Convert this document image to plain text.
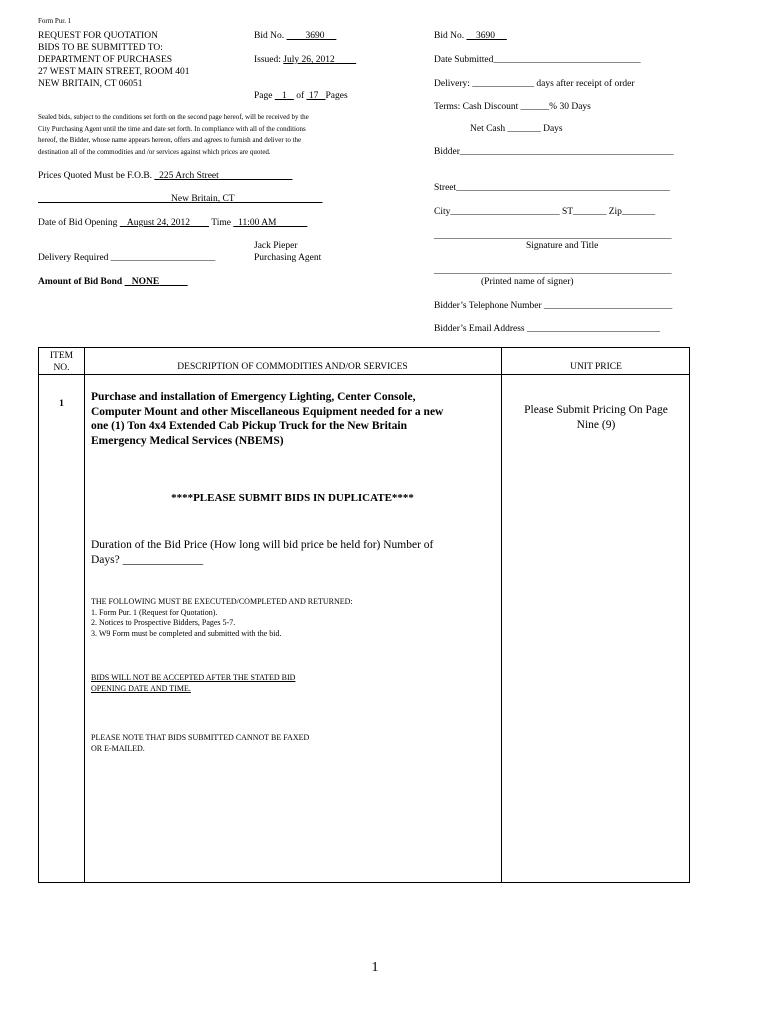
Form Pur. 1
REQUEST FOR QUOTATION
BIDS TO BE SUBMITTED TO:
DEPARTMENT OF PURCHASES
27 WEST MAIN STREET, ROOM 401
NEW BRITAIN, CT 06051
Bid No. 3690
Issued: July 26, 2012
Page 1 of 17 Pages
Bid No. 3690
Date Submitted_______________________________
Delivery: _____________ days after receipt of order
Terms: Cash Discount ______% 30 Days
Net Cash _______ Days
Bidder_____________________________________________
Street_____________________________________________
City_______________________ ST_______ Zip_______
__________________________________________________
Signature and Title
__________________________________________________
(Printed name of signer)
Bidder’s Telephone Number ___________________________
Bidder’s Email Address ____________________________
Sealed bids, subject to the conditions set forth on the second page hereof, will be received by the
City Purchasing Agent until the time and date set forth. In compliance with all of the conditions
hereof, the Bidder, whose name appears hereon, offers and agrees to furnish and deliver to the
destination all of the commodities and /or services against which prices are quoted.
Prices Quoted Must be F.O.B. 225 Arch Street
New Britain, CT
Date of Bid Opening August 24, 2012 Time 11:00 AM
Jack Pieper
Purchasing Agent
Delivery Required ______________________
Amount of Bid Bond NONE
ITEM
NO.	DESCRIPTION OF COMMODITIES AND/OR SERVICES	UNIT PRICE
1
Purchase and installation of Emergency Lighting, Center Console,
Computer Mount and other Miscellaneous Equipment needed for a new
one (1) Ton 4x4 Extended Cab Pickup Truck for the New Britain
Emergency Medical Services (NBEMS)
Please Submit Pricing On Page
Nine (9)
****PLEASE SUBMIT BIDS IN DUPLICATE****
Duration of the Bid Price (How long will bid price be held for) Number of
Days? ______________
THE FOLLOWING MUST BE EXECUTED/COMPLETED AND RETURNED:
1. Form Pur. 1 (Request for Quotation).
2. Notices to Prospective Bidders, Pages 5-7.
3. W9 Form must be completed and submitted with the bid.
BIDS WILL NOT BE ACCEPTED AFTER THE STATED BID
OPENING DATE AND TIME.
PLEASE NOTE THAT BIDS SUBMITTED CANNOT BE FAXED
OR E-MAILED.
1
